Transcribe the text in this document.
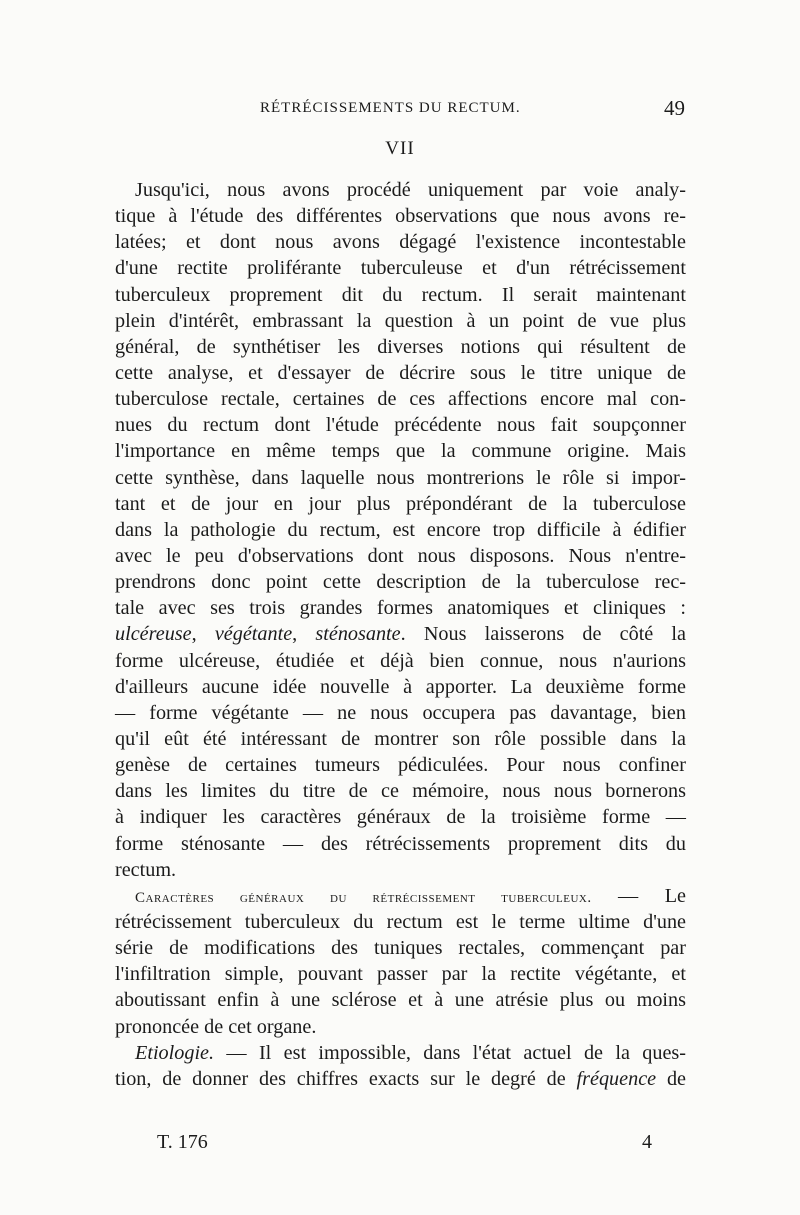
RÉTRÉCISSEMENTS DU RECTUM.	49
VII
Jusqu'ici, nous avons procédé uniquement par voie analy-
tique à l'étude des différentes observations que nous avons re-
latées; et dont nous avons dégagé l'existence incontestable
d'une rectite proliférante tuberculeuse et d'un rétrécissement
tuberculeux proprement dit du rectum. Il serait maintenant
plein d'intérêt, embrassant la question à un point de vue plus
général, de synthétiser les diverses notions qui résultent de
cette analyse, et d'essayer de décrire sous le titre unique de
tuberculose rectale, certaines de ces affections encore mal con-
nues du rectum dont l'étude précédente nous fait soupçonner
l'importance en même temps que la commune origine. Mais
cette synthèse, dans laquelle nous montrerions le rôle si impor-
tant et de jour en jour plus prépondérant de la tuberculose
dans la pathologie du rectum, est encore trop difficile à édifier
avec le peu d'observations dont nous disposons. Nous n'entre-
prendrons donc point cette description de la tuberculose rec-
tale avec ses trois grandes formes anatomiques et cliniques :
ulcéreuse, végétante, sténosante. Nous laisserons de côté la
forme ulcéreuse, étudiée et déjà bien connue, nous n'aurions
d'ailleurs aucune idée nouvelle à apporter. La deuxième forme
— forme végétante — ne nous occupera pas davantage, bien
qu'il eût été intéressant de montrer son rôle possible dans la
genèse de certaines tumeurs pédiculées. Pour nous confiner
dans les limites du titre de ce mémoire, nous nous bornerons
à indiquer les caractères généraux de la troisième forme —
forme sténosante — des rétrécissements proprement dits du
rectum.
Caractères généraux du rétrécissement tuberculeux. — Le
rétrécissement tuberculeux du rectum est le terme ultime d'une
série de modifications des tuniques rectales, commençant par
l'infiltration simple, pouvant passer par la rectite végétante, et
aboutissant enfin à une sclérose et à une atrésie plus ou moins
prononcée de cet organe.
Etiologie. — Il est impossible, dans l'état actuel de la ques-
tion, de donner des chiffres exacts sur le degré de fréquence de
T. 176	4
